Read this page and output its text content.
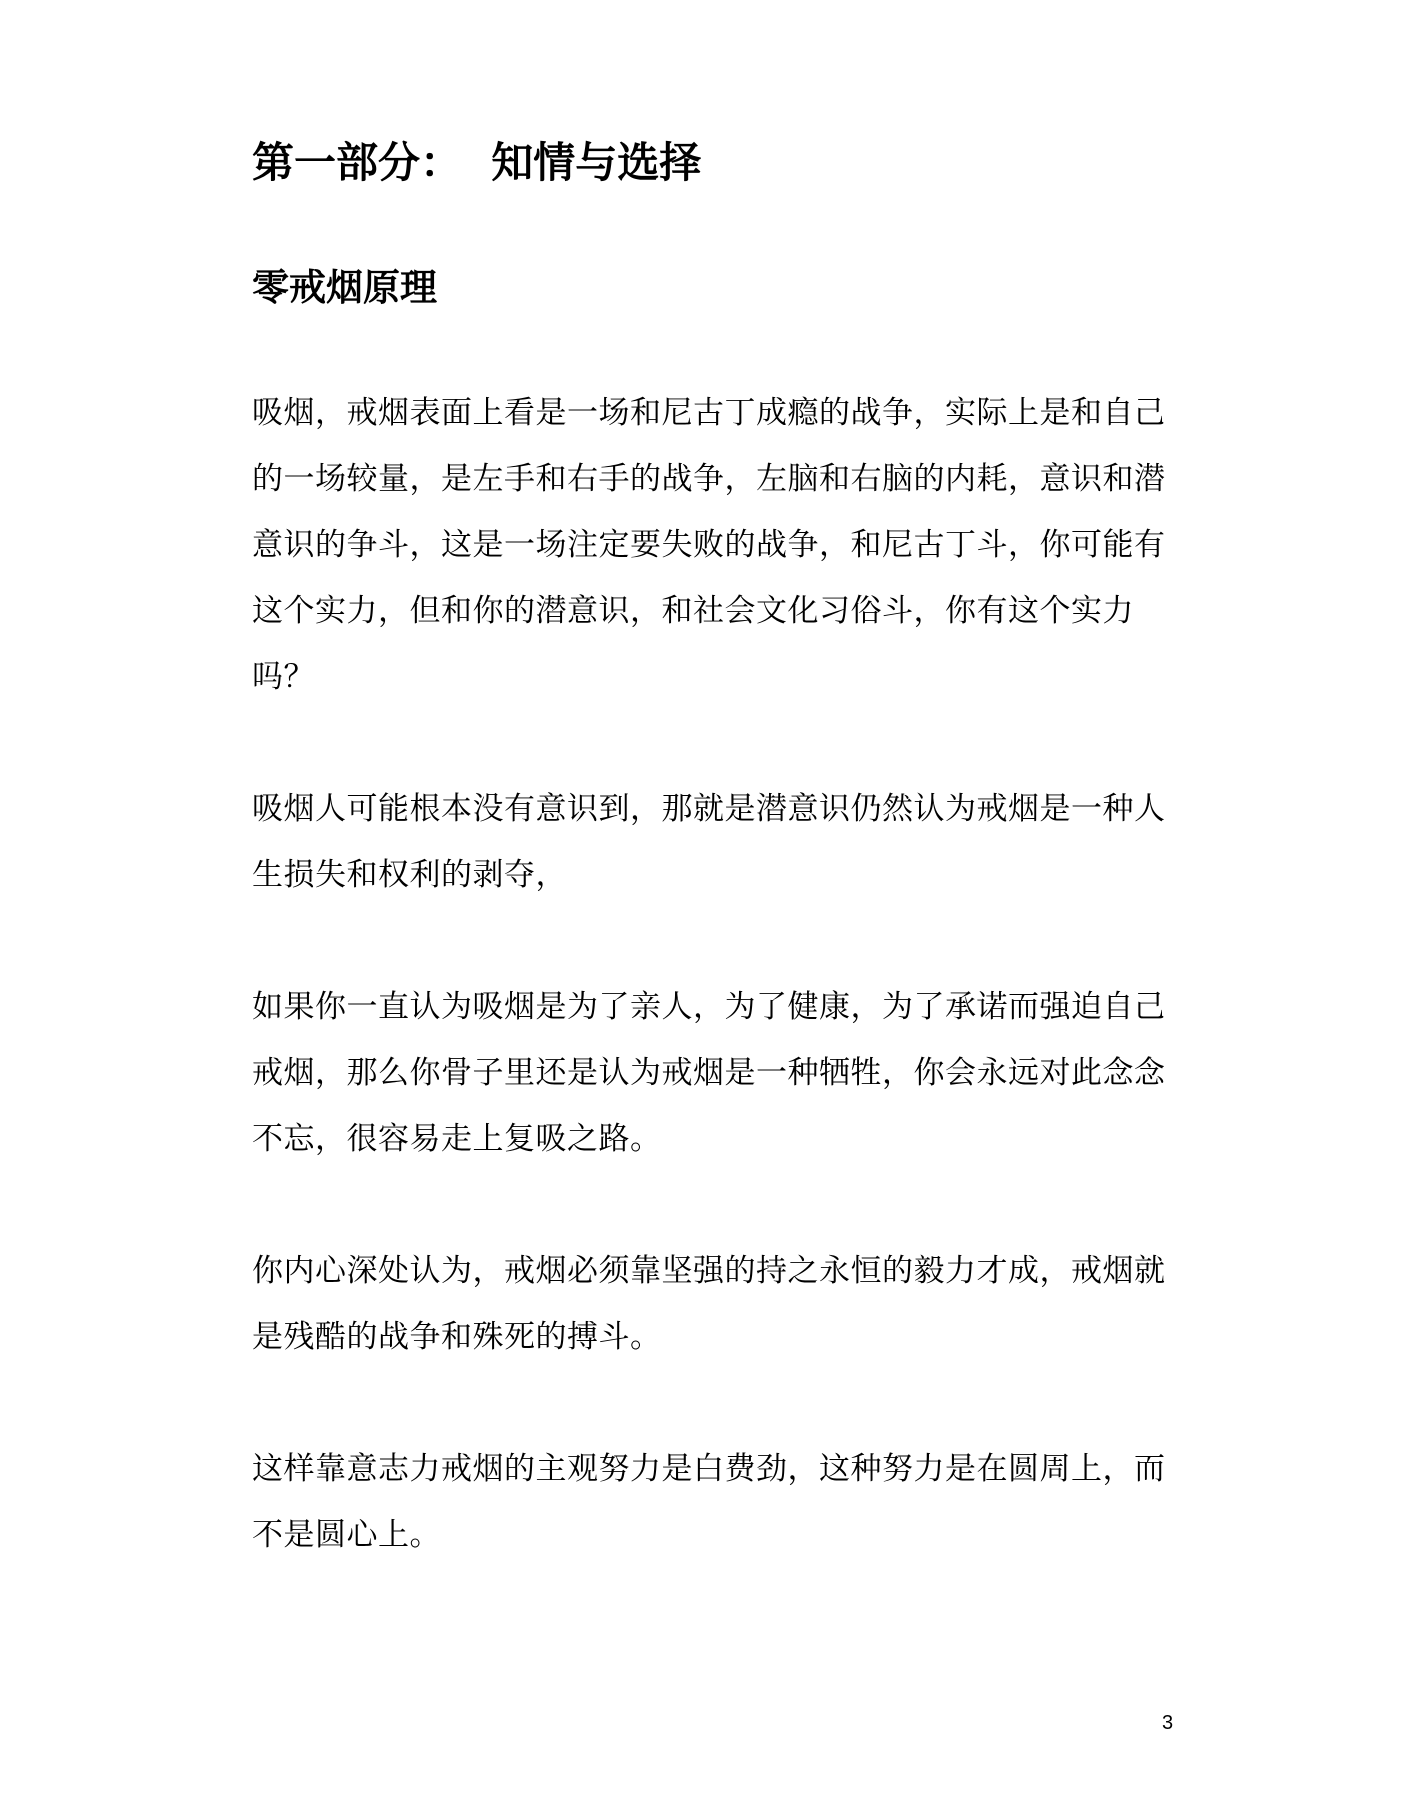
第一部分：  知情与选择
零戒烟原理

吸烟，戒烟表面上看是一场和尼古丁成瘾的战争，实际上是和自己的一场较量，是左手和右手的战争，左脑和右脑的内耗，意识和潜意识的争斗，这是一场注定要失败的战争，和尼古丁斗，你可能有这个实力，但和你的潜意识，和社会文化习俗斗，你有这个实力吗？

吸烟人可能根本没有意识到，那就是潜意识仍然认为戒烟是一种人生损失和权利的剥夺，

如果你一直认为吸烟是为了亲人，为了健康，为了承诺而强迫自己戒烟，那么你骨子里还是认为戒烟是一种牺牲，你会永远对此念念不忘，很容易走上复吸之路。

你内心深处认为，戒烟必须靠坚强的持之永恒的毅力才成，戒烟就是残酷的战争和殊死的搏斗。

这样靠意志力戒烟的主观努力是白费劲，这种努力是在圆周上，而不是圆心上。

3
